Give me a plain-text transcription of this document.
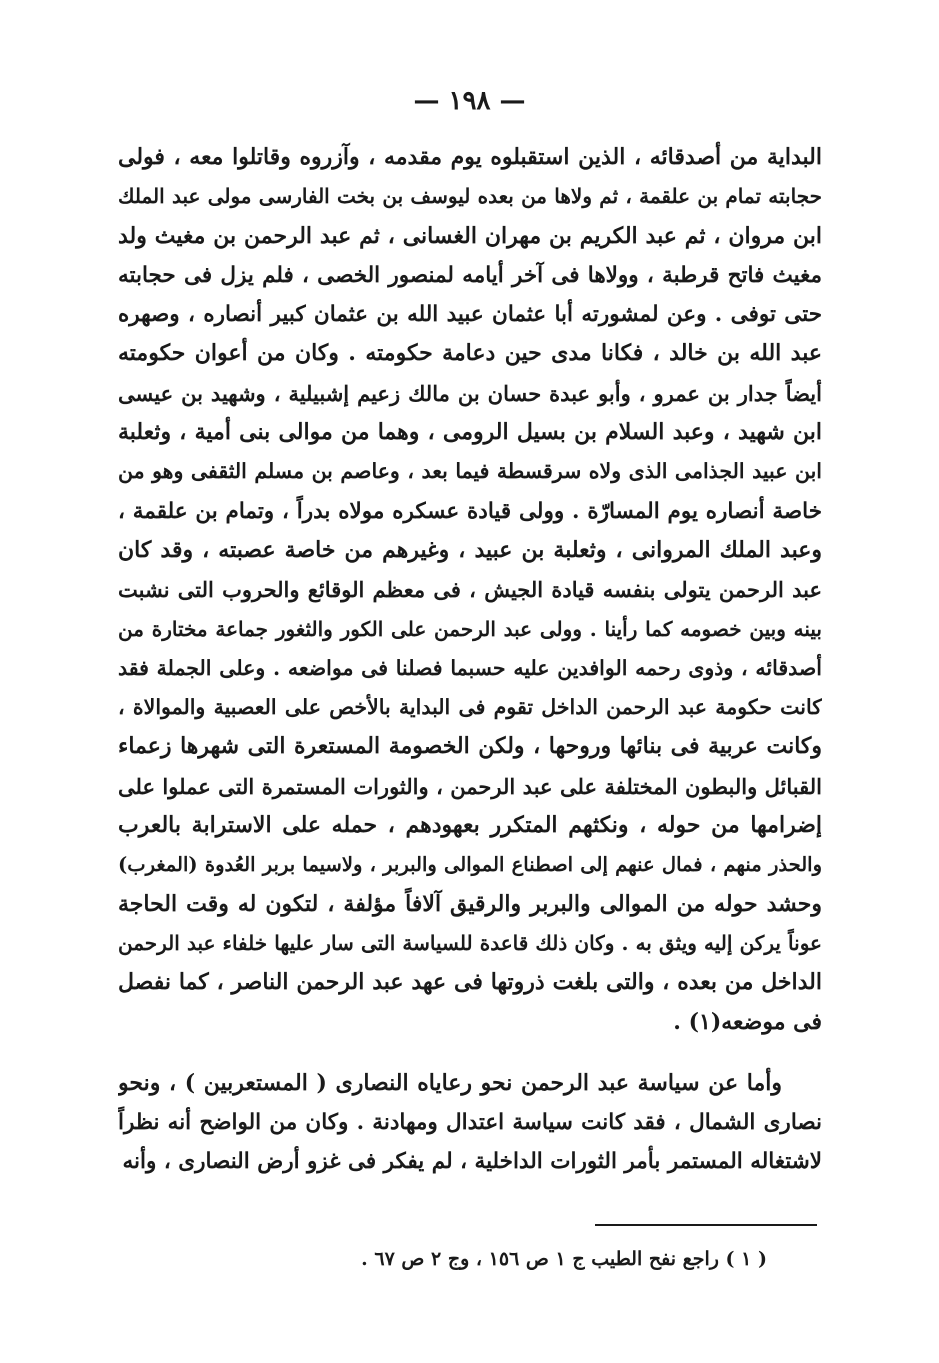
— ١٩٨ —
البداية من أصدقائه ، الذين استقبلوه يوم مقدمه ، وآزروه وقاتلوا معه ، فولى
حجابته تمام بن علقمة ، ثم ولاها من بعده ليوسف بن بخت الفارسى مولى عبد الملك
ابن مروان ، ثم عبد الكريم بن مهران الغسانى ، ثم عبد الرحمن بن مغيث ولد
مغيث فاتح قرطبة ، وولاها فى آخر أيامه لمنصور الخصى ، فلم يزل فى حجابته
حتى توفى . وعن لمشورته أبا عثمان عبيد الله بن عثمان كبير أنصاره ، وصهره
عبد الله بن خالد ، فكانا مدى حين دعامة حكومته . وكان من أعوان حكومته
أيضاً جدار بن عمرو ، وأبو عبدة حسان بن مالك زعيم إشبيلية ، وشهيد بن عيسى
ابن شهيد ، وعبد السلام بن بسيل الرومى ، وهما من موالى بنى أمية ، وثعلبة
ابن عبيد الجذامى الذى ولاه سرقسطة فيما بعد ، وعاصم بن مسلم الثقفى وهو من
خاصة أنصاره يوم المسارّة . وولى قيادة عسكره مولاه بدراً ، وتمام بن علقمة ،
وعبد الملك المروانى ، وثعلبة بن عبيد ، وغيرهم من خاصة عصبته ، وقد كان
عبد الرحمن يتولى بنفسه قيادة الجيش ، فى معظم الوقائع والحروب التى نشبت
بينه وبين خصومه كما رأينا . وولى عبد الرحمن على الكور والثغور جماعة مختارة من
أصدقائه ، وذوى رحمه الوافدين عليه حسبما فصلنا فى مواضعه . وعلى الجملة فقد
كانت حكومة عبد الرحمن الداخل تقوم فى البداية بالأخص على العصبية والموالاة ،
وكانت عربية فى بنائها وروحها ، ولكن الخصومة المستعرة التى شهرها زعماء
القبائل والبطون المختلفة على عبد الرحمن ، والثورات المستمرة التى عملوا على
إضرامها من حوله ، ونكثهم المتكرر بعهودهم ، حمله على الاسترابة بالعرب
والحذر منهم ، فمال عنهم إلى اصطناع الموالى والبربر ، ولاسيما بربر العُدوة (المغرب)
وحشد حوله من الموالى والبربر والرقيق آلافاً مؤلفة ، لتكون له وقت الحاجة
عوناً يركن إليه ويثق به . وكان ذلك قاعدة للسياسة التى سار عليها خلفاء عبد الرحمن
الداخل من بعده ، والتى بلغت ذروتها فى عهد عبد الرحمن الناصر ، كما نفصل
فى موضعه(١) .
وأما عن سياسة عبد الرحمن نحو رعاياه النصارى ( المستعربين ) ، ونحو
نصارى الشمال ، فقد كانت سياسة اعتدال ومهادنة . وكان من الواضح أنه نظراً
لاشتغاله المستمر بأمر الثورات الداخلية ، لم يفكر فى غزو أرض النصارى ، وأنه
( ١ ) راجع نفح الطيب ج ١ ص ١٥٦ ، وج ٢ ص ٦٧ .
